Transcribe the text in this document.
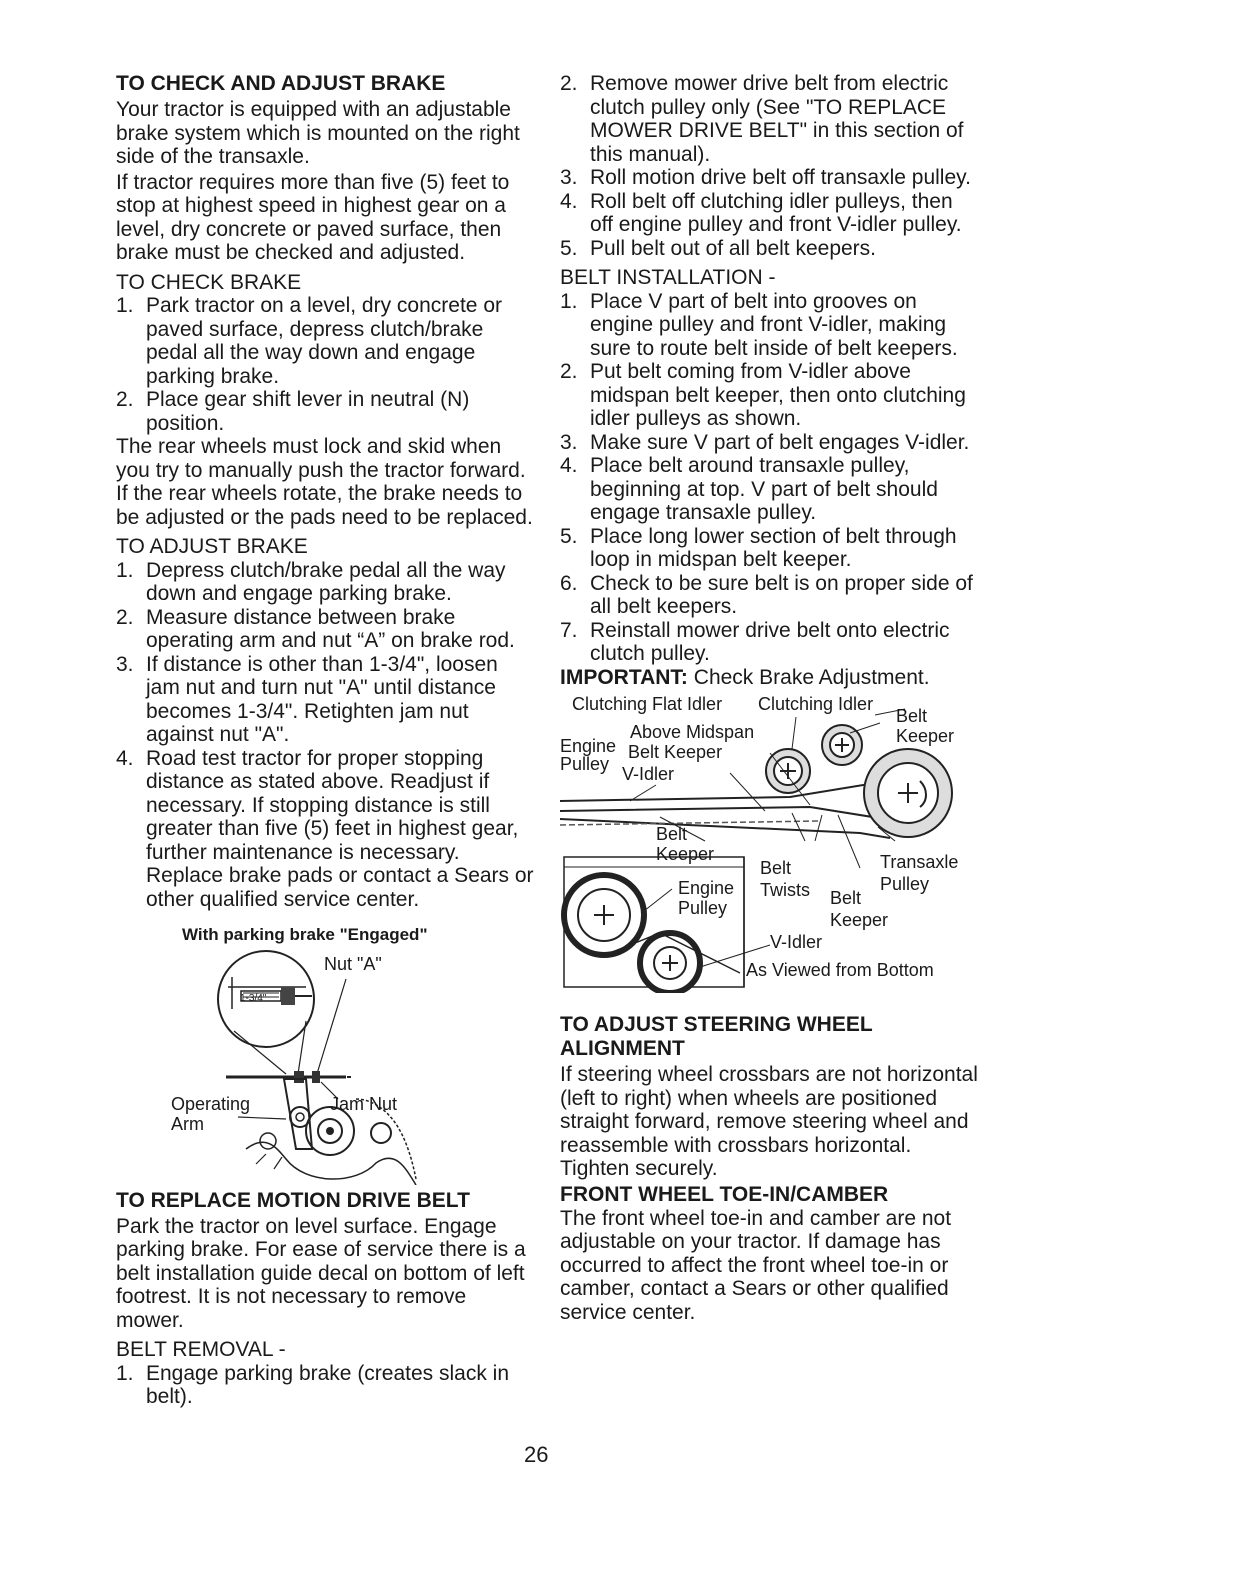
TO CHECK AND ADJUST BRAKE

Your tractor is equipped with an adjustable brake system which is mounted on the right side of the transaxle.

If tractor requires more than five (5) feet to stop at highest speed in highest gear on a level, dry concrete or paved surface, then brake must be checked and adjusted.

TO CHECK BRAKE

1. Park tractor on a level, dry concrete or paved surface, depress clutch/brake pedal all the way down and engage parking brake.
2. Place gear shift lever in neutral (N) position.

The rear wheels must lock and skid when you try to manually push the tractor forward. If the rear wheels rotate, the brake needs to be adjusted or the pads need to be replaced.

TO ADJUST BRAKE

1. Depress clutch/brake pedal all the way down and engage parking brake.
2. Measure distance between brake operating arm and nut “A” on brake rod.
3. If distance is other than 1-3/4", loosen jam nut and turn nut "A" until distance becomes 1-3/4". Retighten jam nut against nut "A".
4. Road test tractor for proper stopping distance as stated above. Readjust if necessary. If stopping distance is still greater than five (5) feet in highest gear, further maintenance is necessary. Replace brake pads or contact a Sears or other qualified service center.
With parking brake "Engaged"
1-3/4"
Nut "A"
Operating
Arm
Jam Nut
TO REPLACE MOTION DRIVE BELT

Park the tractor on level surface. Engage parking brake. For ease of service there is a belt installation guide decal on bottom of left footrest. It is not necessary to remove mower.

BELT REMOVAL -

1. Engage parking brake (creates slack in belt).
2. Remove mower drive belt from electric clutch pulley only (See "TO REPLACE MOWER DRIVE BELT" in this section of this manual).
3. Roll motion drive belt off transaxle pulley.
4. Roll belt off clutching idler pulleys, then off engine pulley and front V-idler pulley.
5. Pull belt out of all belt keepers.

BELT INSTALLATION -

1. Place V part of belt into grooves on engine pulley and front V-idler, making sure to route belt inside of belt keepers.
2. Put belt coming from V-idler above midspan belt keeper, then onto clutching idler pulleys as shown.
3. Make sure V part of belt engages V-idler.
4. Place belt around transaxle pulley, beginning at top. V part of belt should engage transaxle pulley.
5. Place long lower section of belt through loop in midspan belt keeper.
6. Check to be sure belt is on proper side of all belt keepers.
7. Reinstall mower drive belt onto electric clutch pulley.

IMPORTANT: Check Brake Adjustment.

Clutching Flat Idler Clutching Idler
Belt
Keeper
Engine
Pulley
Above Midspan
Belt Keeper
V-Idler
Belt
Keeper
Belt
Twists
Transaxle
Pulley
Belt
Keeper
Engine
Pulley
V-Idler
As Viewed from Bottom
TO ADJUST STEERING WHEEL ALIGNMENT

If steering wheel crossbars are not horizontal (left to right) when wheels are positioned straight forward, remove steering wheel and reassemble with crossbars horizontal. Tighten securely.

FRONT WHEEL TOE-IN/CAMBER

The front wheel toe-in and camber are not adjustable on your tractor. If damage has occurred to affect the front wheel toe-in or camber, contact a Sears or other qualified service center.

26
